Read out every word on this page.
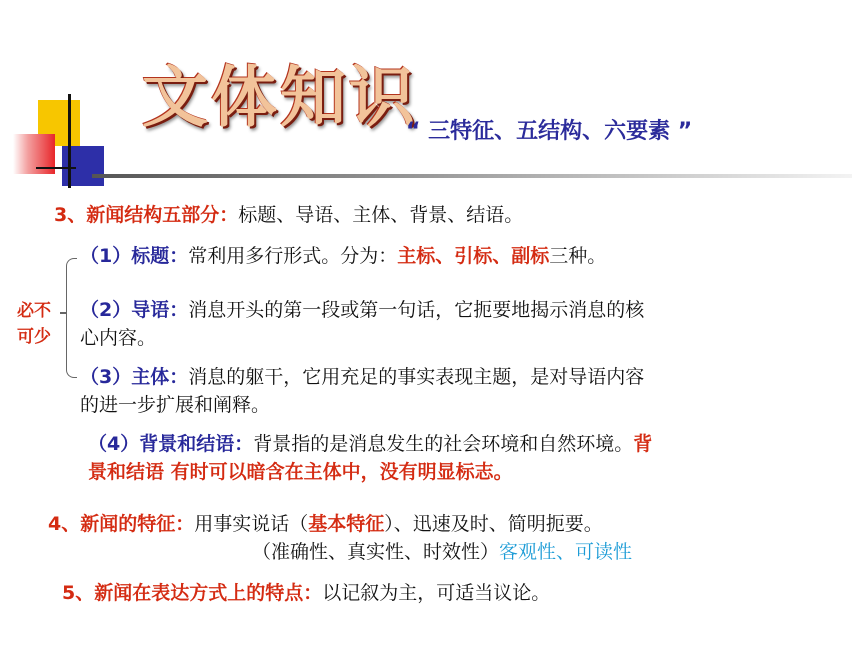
文体知识
“ 三特征、五结构、六要素 ”
3、新闻结构五部分：标题、导语、主体、背景、结语。
必不可少
（1）标题：常利用多行形式。分为：主标、引标、副标三种。
（2）导语：消息开头的第一段或第一句话，它扼要地揭示消息的核
心内容。
（3）主体：消息的躯干，它用充足的事实表现主题，是对导语内容
的进一步扩展和阐释。
（4）背景和结语：背景指的是消息发生的社会环境和自然环境。背
景和结语 有时可以暗含在主体中，没有明显标志。
4、新闻的特征：用事实说话（基本特征）、迅速及时、简明扼要。
（准确性、真实性、时效性）客观性、可读性
5、新闻在表达方式上的特点：以记叙为主，可适当议论。
